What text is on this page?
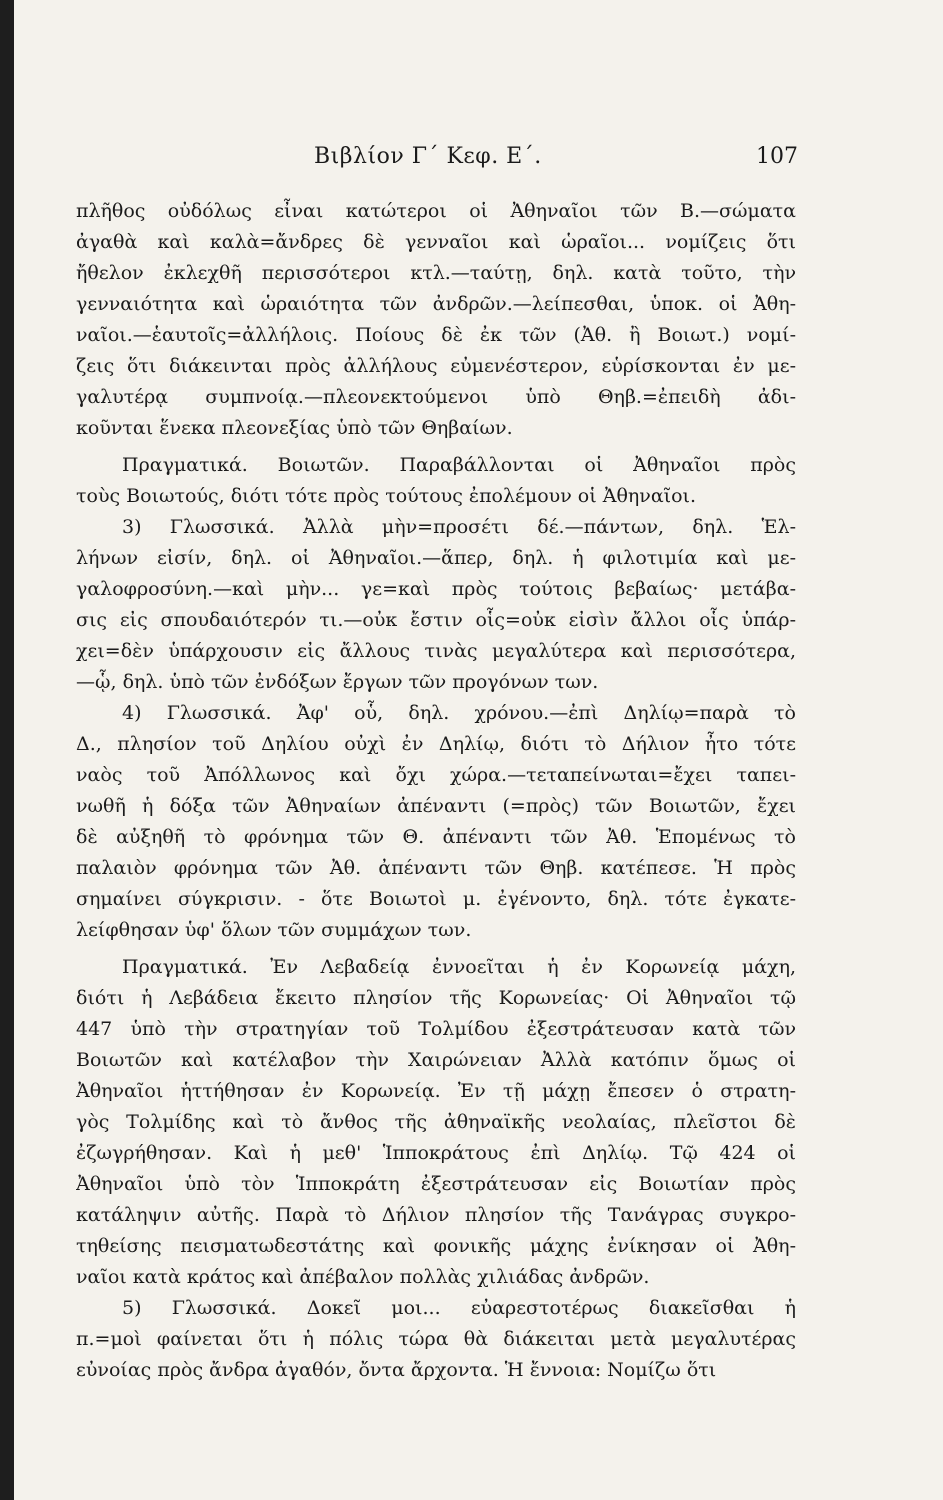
Βιβλίον Γ΄ Κεφ. Ε΄.	107
πλῆθος οὐδόλως εἶναι κατώτεροι οἱ Ἀθηναῖοι τῶν Β.—σώματα
ἀγαθὰ καὶ καλὰ=ἄνδρες δὲ γενναῖοι καὶ ὡραῖοι... νομίζεις ὅτι
ἤθελον ἐκλεχθῆ περισσότεροι κτλ.—ταύτῃ, δηλ. κατὰ τοῦτο, τὴν
γενναιότητα καὶ ὡραιότητα τῶν ἀνδρῶν.—λείπεσθαι, ὑποκ. οἱ Ἀθη-
ναῖοι.—ἑαυτοῖς=ἀλλήλοις. Ποίους δὲ ἐκ τῶν (Ἀθ. ἢ Βοιωτ.) νομί-
ζεις ὅτι διάκεινται πρὸς ἀλλήλους εὐμενέστερον, εὑρίσκονται ἐν με-
γαλυτέρᾳ συμπνοίᾳ.—πλεονεκτούμενοι ὑπὸ Θηβ.=ἐπειδὴ ἀδι-
κοῦνται ἕνεκα πλεονεξίας ὑπὸ τῶν Θηβαίων.
Πραγματικά. Βοιωτῶν. Παραβάλλονται οἱ Ἀθηναῖοι πρὸς
τοὺς Βοιωτούς, διότι τότε πρὸς τούτους ἐπολέμουν οἱ Ἀθηναῖοι.
3) Γλωσσικά. Ἀλλὰ μὴν=προσέτι δέ.—πάντων, δηλ. Ἑλ-
λήνων εἰσίν, δηλ. οἱ Ἀθηναῖοι.—ἅπερ, δηλ. ἡ φιλοτιμία καὶ με-
γαλοφροσύνη.—καὶ μὴν... γε=καὶ πρὸς τούτοις βεβαίως· μετάβα-
σις εἰς σπουδαιότερόν τι.—οὐκ ἔστιν οἷς=οὐκ εἰσὶν ἄλλοι οἷς ὑπάρ-
χει=δὲν ὑπάρχουσιν εἰς ἄλλους τινὰς μεγαλύτερα καὶ περισσότερα,
—ᾧ, δηλ. ὑπὸ τῶν ἐνδόξων ἔργων τῶν προγόνων των.
4) Γλωσσικά. Ἀφ' οὗ, δηλ. χρόνου.—ἐπὶ Δηλίῳ=παρὰ τὸ
Δ., πλησίον τοῦ Δηλίου οὐχὶ ἐν Δηλίῳ, διότι τὸ Δήλιον ἦτο τότε
ναὸς τοῦ Ἀπόλλωνος καὶ ὄχι χώρα.—τεταπείνωται=ἔχει ταπει-
νωθῆ ἡ δόξα τῶν Ἀθηναίων ἀπέναντι (=πρὸς) τῶν Βοιωτῶν, ἔχει
δὲ αὐξηθῆ τὸ φρόνημα τῶν Θ. ἀπέναντι τῶν Ἀθ. Ἑπομένως τὸ
παλαιὸν φρόνημα τῶν Ἀθ. ἀπέναντι τῶν Θηβ. κατέπεσε. Ἡ πρὸς
σημαίνει σύγκρισιν. - ὅτε Βοιωτοὶ μ. ἐγένοντο, δηλ. τότε ἐγκατε-
λείφθησαν ὑφ' ὅλων τῶν συμμάχων των.
Πραγματικά. Ἐν Λεβαδείᾳ ἐννοεῖται ἡ ἐν Κορωνείᾳ μάχη,
διότι ἡ Λεβάδεια ἔκειτο πλησίον τῆς Κορωνείας· Οἱ Ἀθηναῖοι τῷ
447 ὑπὸ τὴν στρατηγίαν τοῦ Τολμίδου ἐξεστράτευσαν κατὰ τῶν
Βοιωτῶν καὶ κατέλαβον τὴν Χαιρώνειαν Ἀλλὰ κατόπιν ὅμως οἱ
Ἀθηναῖοι ἡττήθησαν ἐν Κορωνείᾳ. Ἐν τῇ μάχῃ ἔπεσεν ὁ στρατη-
γὸς Τολμίδης καὶ τὸ ἄνθος τῆς ἀθηναϊκῆς νεολαίας, πλεῖστοι δὲ
ἐζωγρήθησαν. Καὶ ἡ μεθ' Ἱπποκράτους ἐπὶ Δηλίῳ. Τῷ 424 οἱ
Ἀθηναῖοι ὑπὸ τὸν Ἱπποκράτη ἐξεστράτευσαν εἰς Βοιωτίαν πρὸς
κατάληψιν αὐτῆς. Παρὰ τὸ Δήλιον πλησίον τῆς Τανάγρας συγκρο-
τηθείσης πεισματωδεστάτης καὶ φονικῆς μάχης ἐνίκησαν οἱ Ἀθη-
ναῖοι κατὰ κράτος καὶ ἀπέβαλον πολλὰς χιλιάδας ἀνδρῶν.
5) Γλωσσικά. Δοκεῖ μοι... εὐαρεστοτέρως διακεῖσθαι ἡ
π.=μοὶ φαίνεται ὅτι ἡ πόλις τώρα θὰ διάκειται μετὰ μεγαλυτέρας
εὐνοίας πρὸς ἄνδρα ἀγαθόν, ὄντα ἄρχοντα. Ἡ ἔννοια: Νομίζω ὅτι
